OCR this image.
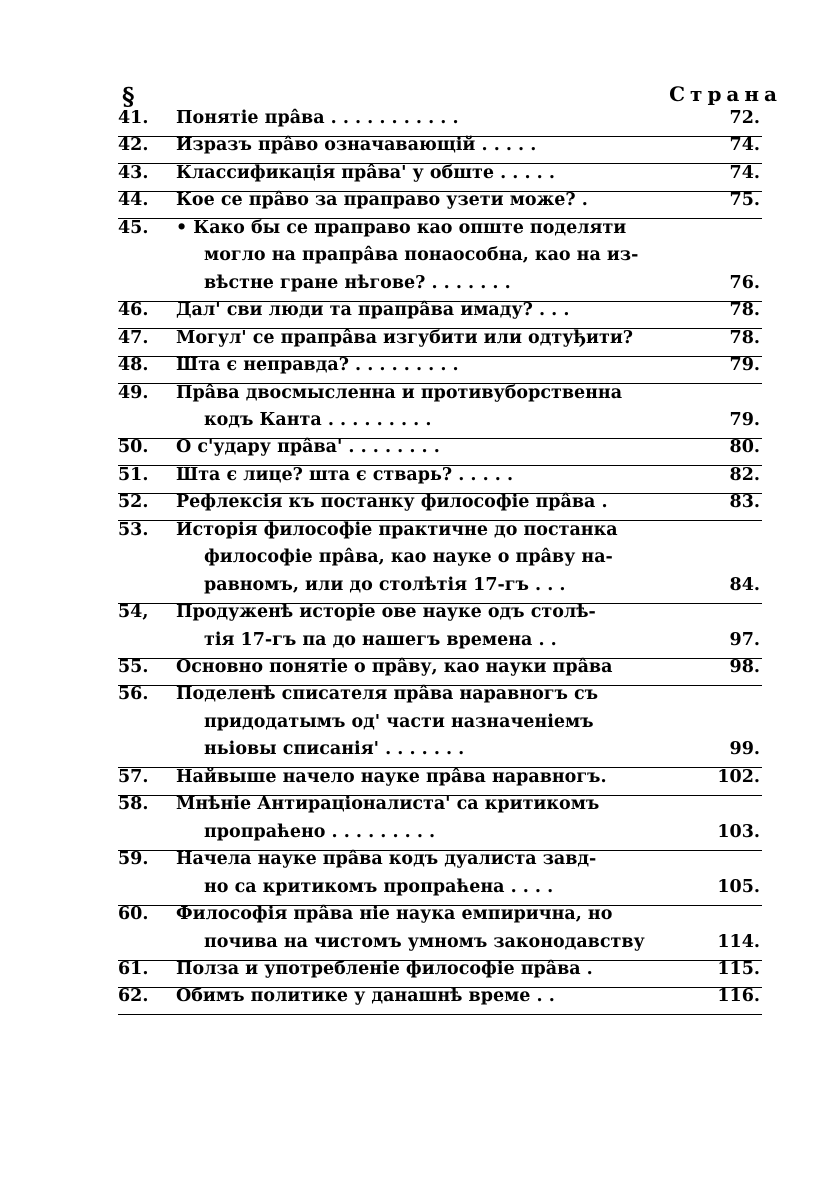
§	Страна
41.	Понятіе прâва . . . . . . . . . . .	72.
42.	Изразъ прâво означавающій . . . . .	74.
43.	Классификація прâва' у обште . . . . .	74.
44.	Кое се прâво за праправо узети може? .	75.
45.	• Како бы се праправо као опште поделяти
могло на прапрâва понаособна, као на из-
вѣстне гране нѣгове? . . . . . . .	76.
46.	Дал' сви люди та прапрâва имаду? . . .	78.
47.	Могул' се прапрâва изгубити или одтуђити?	78.
48.	Шта є неправда? . . . . . . . . .	79.
49.	Прâва двосмысленна и противуборственна
кодъ Канта . . . . . . . . .	79.
50.	О с'удару прâва' . . . . . . . .	80.
51.	Шта є лице? шта є ствaрь? . . . . .	82.
52.	Рефлексія къ постанку философіе прâва .	83.
53.	Исторія философіе практичне до постанка
философіе прâва, као науке о прâву на-
равномъ, или до столѣтія 17-гъ . . .	84.
54,	Продуженѣ исторіе ове науке одъ столѣ-
тія 17-гъ па до нашегъ времена . .	97.
55.	Основно понятіе о прâву, као науки прâва	98.
56.	Поделенѣ списателя прâва наравногъ съ
придодатымъ од' части назначеніемъ
ньіовы списанія' . . . . . . .	99.
57.	Найвыше начело науке прâва наравногъ.	102.
58.	Мнѣніе Антираціоналиста' са критикомъ
пропраћено . . . . . . . . .	103.
59.	Начела науке прâва кодъ дуалиста завд-
но са критикомъ пропраћена . . . .	105.
60.	Философія прâва ніе наука емпирична, но
почива на чистомъ умномъ законодавству	114.
61.	Полза и употребленіе философіе прâва .	115.
62.	Обимъ политике у данашнѣ време . .	116.
